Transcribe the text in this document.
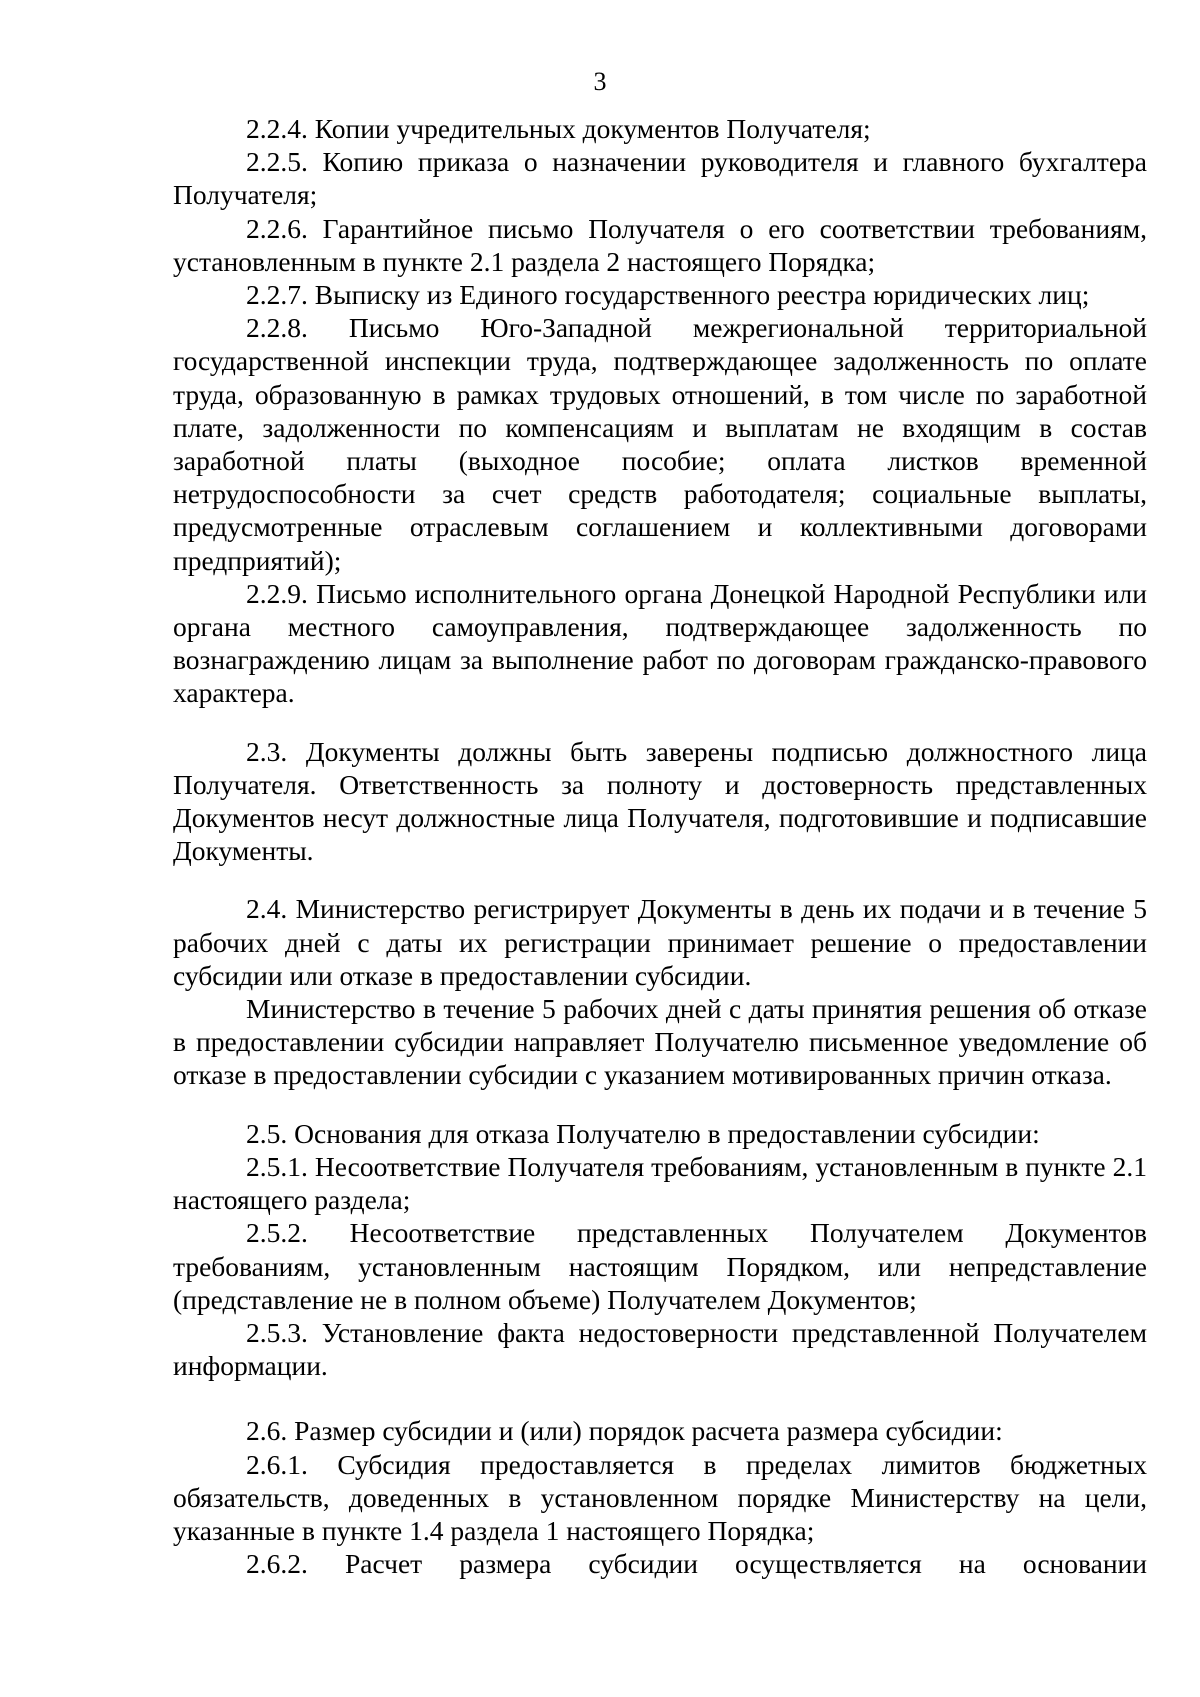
3

2.2.4. Копии учредительных документов Получателя;

2.2.5. Копию приказа о назначении руководителя и главного бухгалтера Получателя;

2.2.6. Гарантийное письмо Получателя о его соответствии требованиям, установленным в пункте 2.1 раздела 2 настоящего Порядка;

2.2.7. Выписку из Единого государственного реестра юридических лиц;

2.2.8. Письмо Юго-Западной межрегиональной территориальной государственной инспекции труда, подтверждающее задолженность по оплате труда, образованную в рамках трудовых отношений, в том числе по заработной плате, задолженности по компенсациям и выплатам не входящим в состав заработной платы (выходное пособие; оплата листков временной нетрудоспособности за счет средств работодателя; социальные выплаты, предусмотренные отраслевым соглашением и коллективными договорами предприятий);

2.2.9. Письмо исполнительного органа Донецкой Народной Республики или органа местного самоуправления, подтверждающее задолженность по вознаграждению лицам за выполнение работ по договорам гражданско-правового характера.

2.3. Документы должны быть заверены подписью должностного лица Получателя. Ответственность за полноту и достоверность представленных Документов несут должностные лица Получателя, подготовившие и подписавшие Документы.

2.4. Министерство регистрирует Документы в день их подачи и в течение 5 рабочих дней с даты их регистрации принимает решение о предоставлении субсидии или отказе в предоставлении субсидии.

Министерство в течение 5 рабочих дней с даты принятия решения об отказе в предоставлении субсидии направляет Получателю письменное уведомление об отказе в предоставлении субсидии с указанием мотивированных причин отказа.

2.5. Основания для отказа Получателю в предоставлении субсидии:

2.5.1. Несоответствие Получателя требованиям, установленным в пункте 2.1 настоящего раздела;

2.5.2. Несоответствие представленных Получателем Документов требованиям, установленным настоящим Порядком, или непредставление (представление не в полном объеме) Получателем Документов;

2.5.3. Установление факта недостоверности представленной Получателем информации.

2.6. Размер субсидии и (или) порядок расчета размера субсидии:

2.6.1. Субсидия предоставляется в пределах лимитов бюджетных обязательств, доведенных в установленном порядке Министерству на цели, указанные в пункте 1.4 раздела 1 настоящего Порядка;

2.6.2. Расчет размера субсидии осуществляется на основании
